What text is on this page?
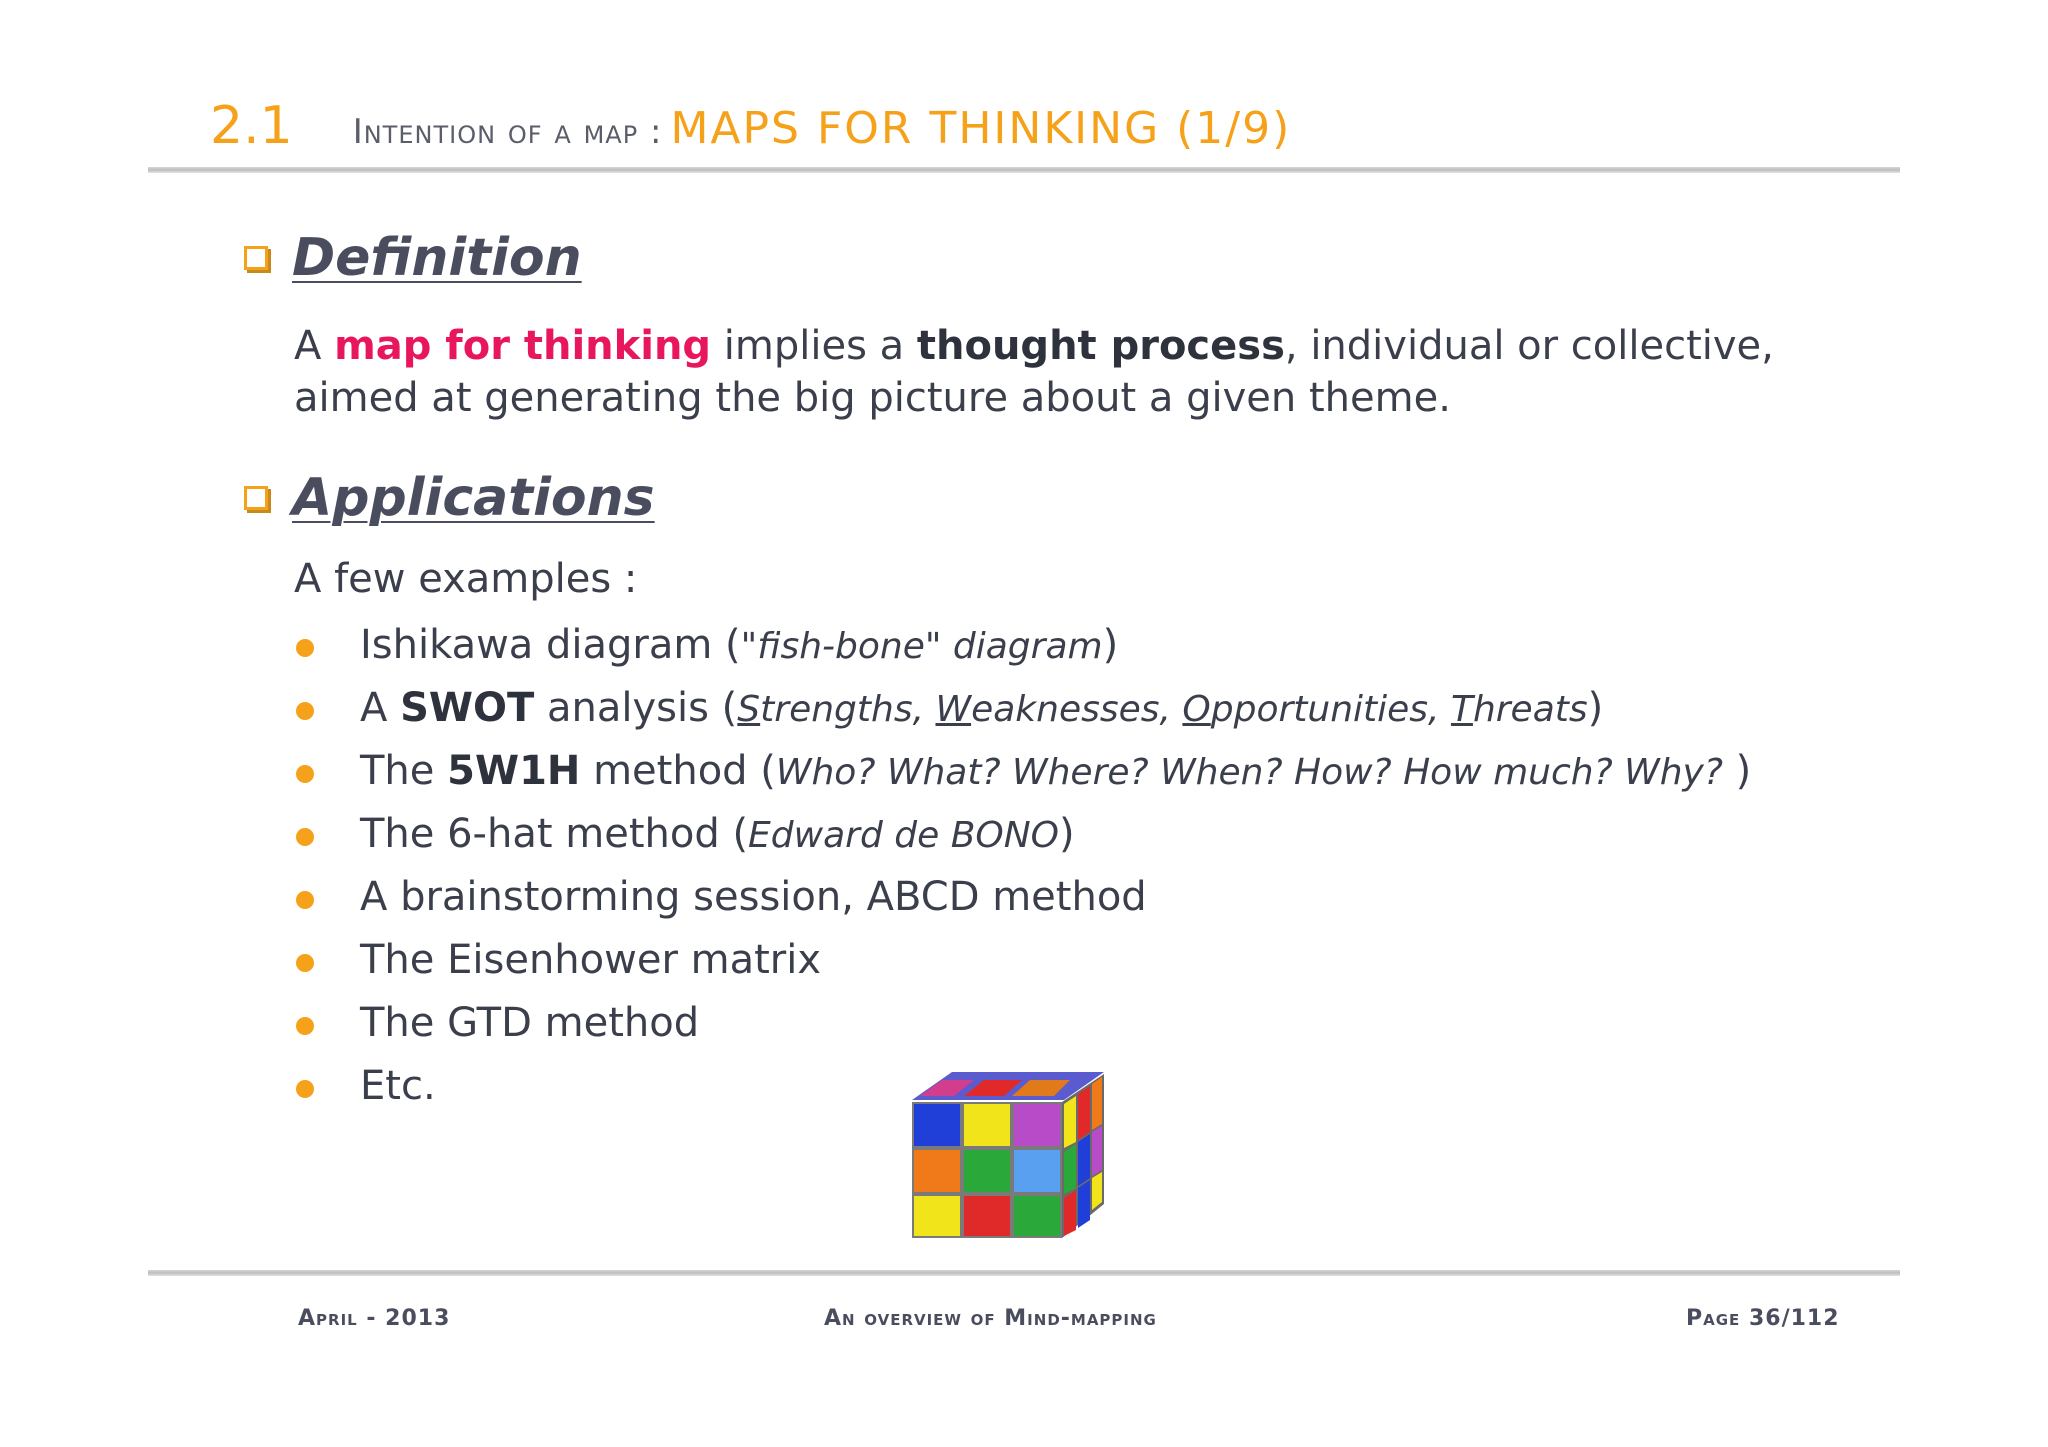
2.1 Intention of a map : MAPS FOR THINKING (1/9)
Definition
A map for thinking implies a thought process, individual or collective, aimed at generating the big picture about a given theme.
Applications
A few examples :
Ishikawa diagram ("fish-bone" diagram)
A SWOT analysis (Strengths, Weaknesses, Opportunities, Threats)
The 5W1H method (Who? What? Where? When? How? How much? Why? )
The 6-hat method (Edward de BONO)
A brainstorming session, ABCD method
The Eisenhower matrix
The GTD method
Etc.
April - 2013	An overview of Mind-mapping	Page 36/112
